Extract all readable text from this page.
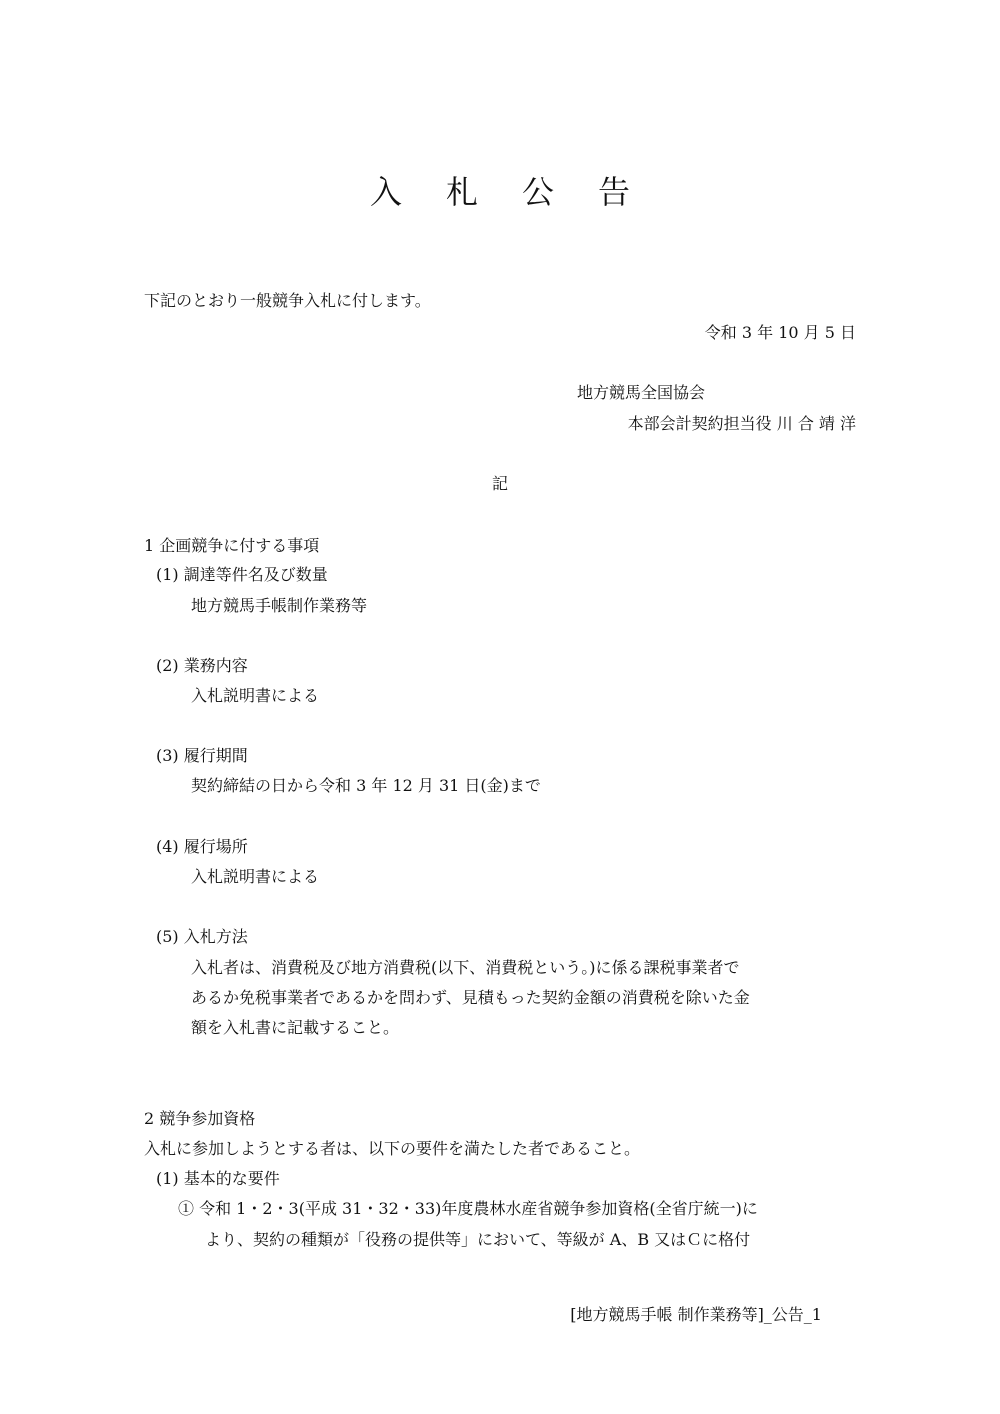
入 札 公 告
下記のとおり一般競争入札に付します。
令和 3 年 10 月 5 日
地方競馬全国協会
本部会計契約担当役 川 合 靖 洋
記
1 企画競争に付する事項
(1) 調達等件名及び数量
地方競馬手帳制作業務等
(2) 業務内容
入札説明書による
(3) 履行期間
契約締結の日から令和 3 年 12 月 31 日(金)まで
(4) 履行場所
入札説明書による
(5) 入札方法
入札者は、消費税及び地方消費税(以下、消費税という。)に係る課税事業者で
あるか免税事業者であるかを問わず、見積もった契約金額の消費税を除いた金
額を入札書に記載すること。
2 競争参加資格
入札に参加しようとする者は、以下の要件を満たした者であること。
(1) 基本的な要件
① 令和 1・2・3(平成 31・32・33)年度農林水産省競争参加資格(全省庁統一)に
より、契約の種類が「役務の提供等」において、等級が A、B 又はＣに格付
[地方競馬手帳 制作業務等]_公告_1
